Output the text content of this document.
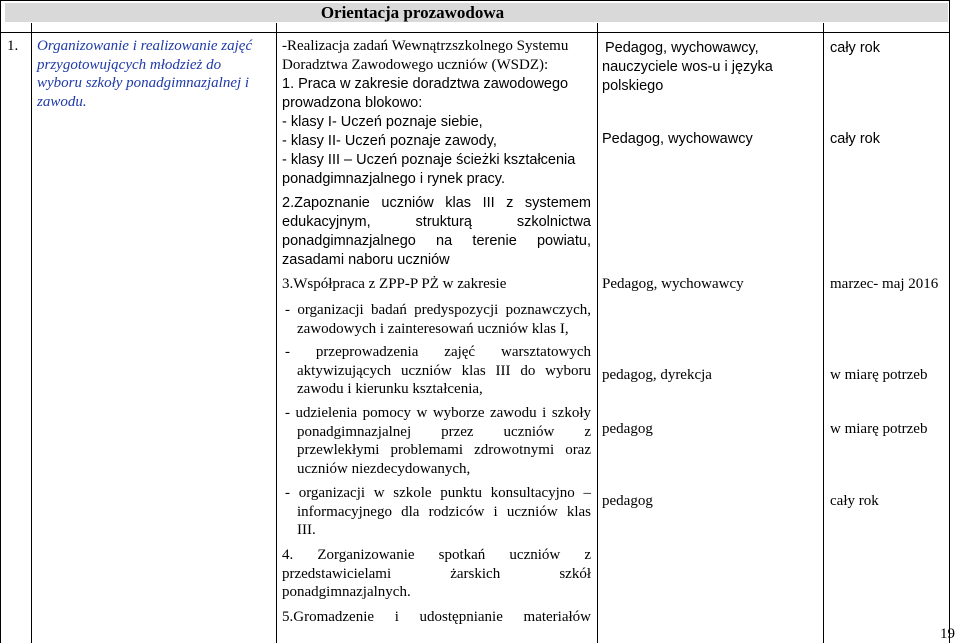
Orientacja prozawodowa
1. Organizowanie i realizowanie zajęć
przygotowujących młodzież do
wyboru szkoły ponadgimnazjalnej i
zawodu.
-Realizacja zadań Wewnątrzszkolnego Systemu
Doradztwa Zawodowego uczniów (WSDZ):
1. Praca w zakresie doradztwa zawodowego
prowadzona blokowo:
- klasy I- Uczeń poznaje siebie,
- klasy II- Uczeń poznaje zawody,
- klasy III – Uczeń poznaje ścieżki kształcenia
ponadgimnazjalnego i rynek pracy.
2.Zapoznanie uczniów klas III z systemem
edukacyjnym, strukturą szkolnictwa
ponadgimnazjalnego na terenie powiatu,
zasadami naboru uczniów
3.Współpraca z ZPP-P PŻ w zakresie
- organizacji badań predyspozycji poznawczych,
zawodowych i zainteresowań uczniów klas I,
- przeprowadzenia zajęć warsztatowych
aktywizujących uczniów klas III do wyboru
zawodu i kierunku kształcenia,
- udzielenia pomocy w wyborze zawodu i szkoły
ponadgimnazjalnej przez uczniów z
przewlekłymi problemami zdrowotnymi oraz
uczniów niezdecydowanych,
- organizacji w szkole punktu konsultacyjno –
informacyjnego dla rodziców i uczniów klas
III.
4. Zorganizowanie spotkań uczniów z
przedstawicielami żarskich szkół
ponadgimnazjalnych.
5.Gromadzenie i udostępnianie materiałów
Pedagog, wychowawcy,
nauczyciele wos-u i języka
polskiego
Pedagog, wychowawcy
Pedagog, wychowawcy
pedagog, dyrekcja
pedagog
pedagog
cały rok
cały rok
marzec- maj 2016
w miarę potrzeb
w miarę potrzeb
cały rok
19
